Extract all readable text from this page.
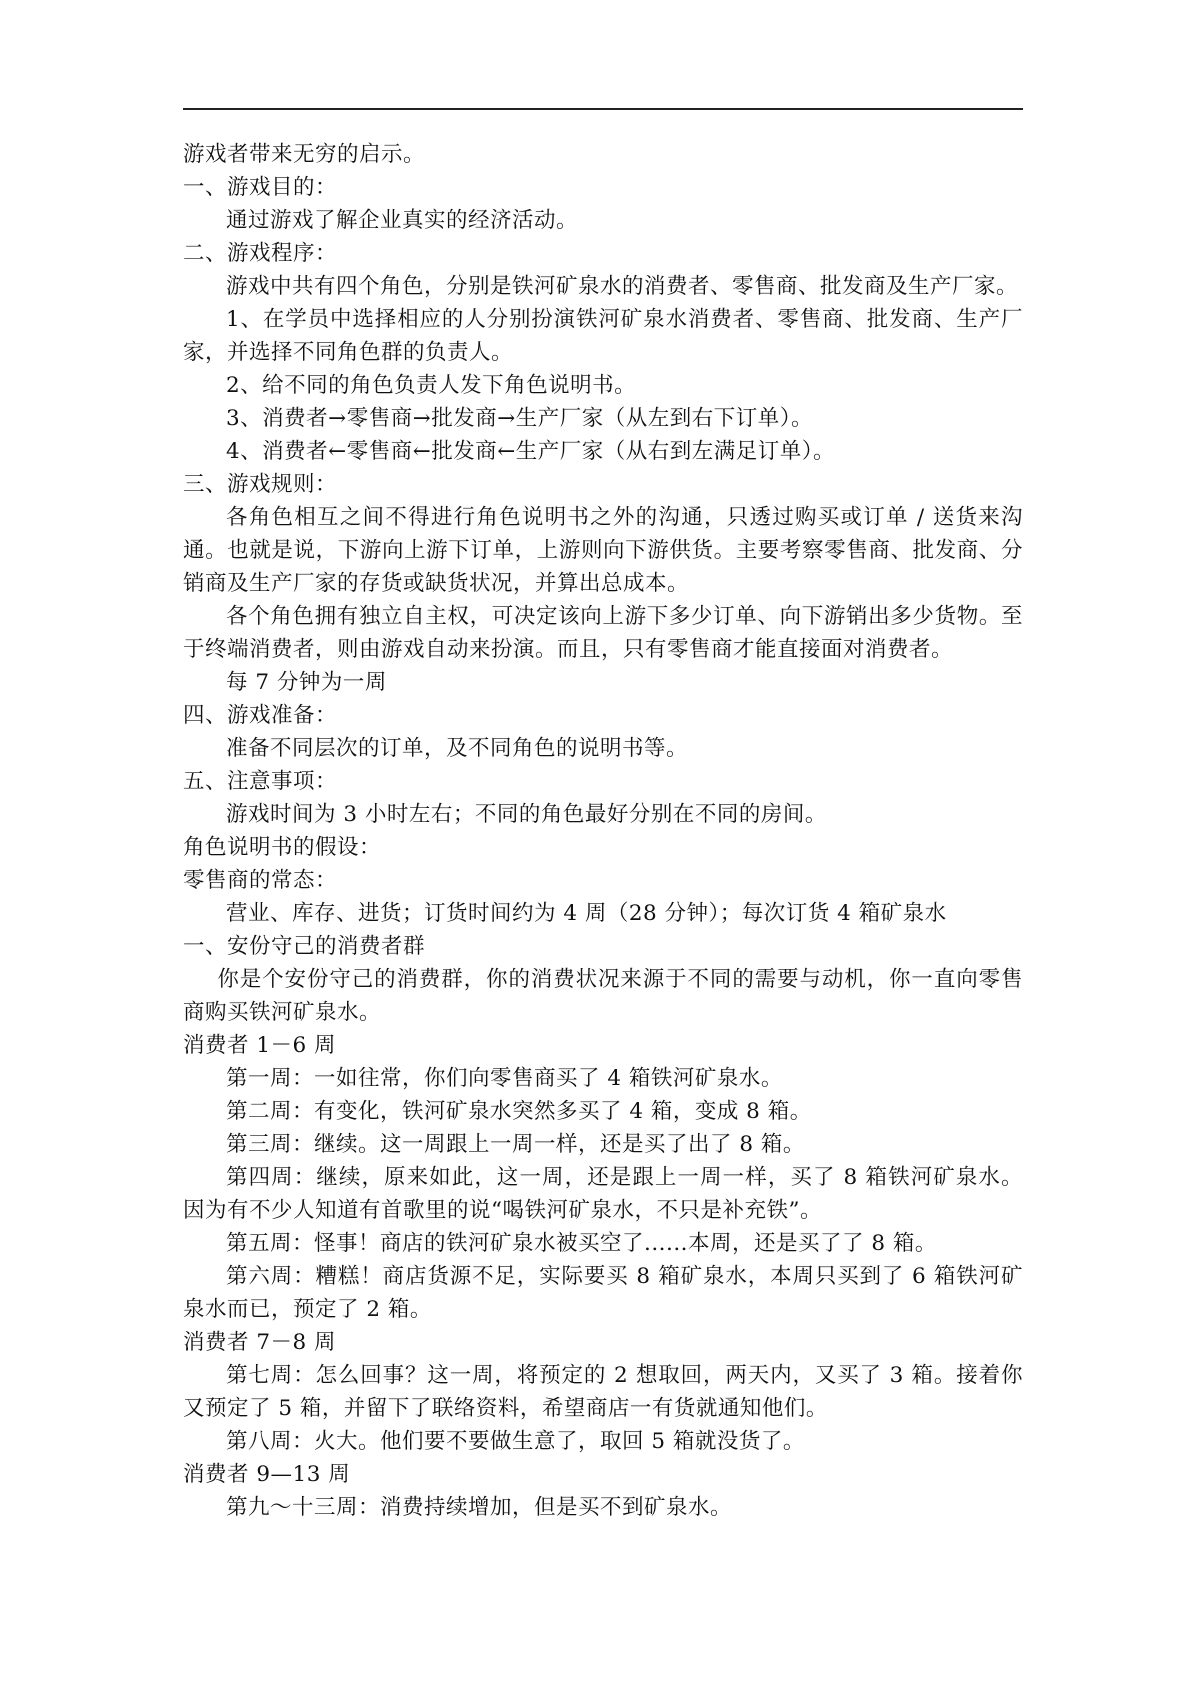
游戏者带来无穷的启示。

一、游戏目的：

通过游戏了解企业真实的经济活动。

二、游戏程序：

游戏中共有四个角色，分别是铁河矿泉水的消费者、零售商、批发商及生产厂家。

1、在学员中选择相应的人分别扮演铁河矿泉水消费者、零售商、批发商、生产厂家，并选择不同角色群的负责人。

2、给不同的角色负责人发下角色说明书。

3、消费者→零售商→批发商→生产厂家（从左到右下订单）。

4、消费者←零售商←批发商←生产厂家（从右到左满足订单）。

三、游戏规则：

各角色相互之间不得进行角色说明书之外的沟通，只透过购买或订单 / 送货来沟通。也就是说，下游向上游下订单，上游则向下游供货。主要考察零售商、批发商、分销商及生产厂家的存货或缺货状况，并算出总成本。

各个角色拥有独立自主权，可决定该向上游下多少订单、向下游销出多少货物。至于终端消费者，则由游戏自动来扮演。而且，只有零售商才能直接面对消费者。

每 7 分钟为一周

四、游戏准备：

准备不同层次的订单，及不同角色的说明书等。

五、注意事项：

游戏时间为 3 小时左右；不同的角色最好分别在不同的房间。

角色说明书的假设：

零售商的常态：

营业、库存、进货；订货时间约为 4 周（28 分钟）；每次订货 4 箱矿泉水

一、安份守己的消费者群

你是个安份守己的消费群，你的消费状况来源于不同的需要与动机，你一直向零售商购买铁河矿泉水。

消费者 1－6 周

第一周：一如往常，你们向零售商买了 4 箱铁河矿泉水。

第二周：有变化，铁河矿泉水突然多买了 4 箱，变成 8 箱。

第三周：继续。这一周跟上一周一样，还是买了出了 8 箱。

第四周：继续，原来如此，这一周，还是跟上一周一样，买了 8 箱铁河矿泉水。因为有不少人知道有首歌里的说“喝铁河矿泉水，不只是补充铁”。

第五周：怪事！商店的铁河矿泉水被买空了......本周，还是买了了 8 箱。

第六周：糟糕！商店货源不足，实际要买 8 箱矿泉水，本周只买到了 6 箱铁河矿泉水而已，预定了 2 箱。

消费者 7－8 周

第七周：怎么回事？这一周，将预定的 2 想取回，两天内，又买了 3 箱。接着你又预定了 5 箱，并留下了联络资料，希望商店一有货就通知他们。

第八周：火大。他们要不要做生意了，取回 5 箱就没货了。

消费者 9—13 周

第九～十三周：消费持续增加，但是买不到矿泉水。
